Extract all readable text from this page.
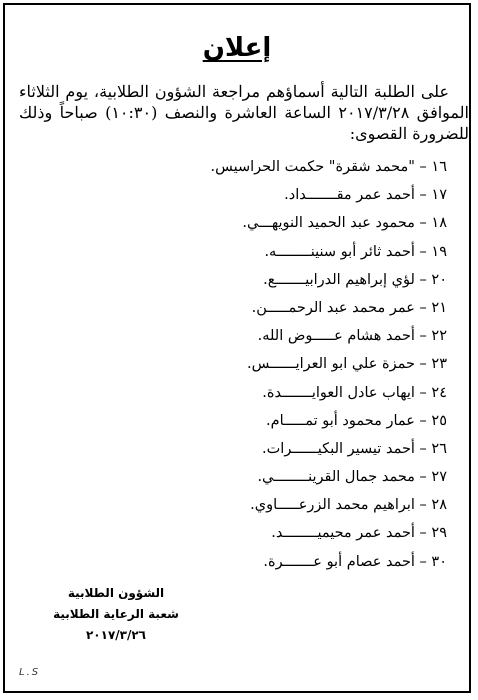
إعلان

على الطلبة التالية أسماؤهم مراجعة الشؤون الطلابية، يوم الثلاثاء الموافق ٢٠١٧/٣/٢٨ الساعة العاشرة والنصف (١٠:٣٠) صباحاً وذلك للضرورة القصوى:

١٦ – "محمد شقرة" حكمت الحراسيس.
١٧ – أحمد عمر مقـــــــداد.
١٨ – محمود عبد الحميد النويهـــي.
١٩ – أحمد ثائر أبو سنينــــــــه.
٢٠ – لؤي إبراهيم الدرابيـــــــع.
٢١ – عمر محمد عبد الرحمـــــن.
٢٢ – أحمد هشام عـــــوض الله.
٢٣ – حمزة علي ابو العرايــــــس.
٢٤ – ايهاب عادل العوايـــــــدة.
٢٥ – عمار محمود أبو تمـــــام.
٢٦ – أحمد تيسير البكيــــــرات.
٢٧ – محمد جمال القرينــــــــي.
٢٨ – ابراهيم محمد الزرعـــــاوي.
٢٩ – أحمد عمر محيميــــــــد.
٣٠ – أحمد عصام أبو عـــــــرة.
الشؤون الطلابية
شعبة الرعاية الطلابية
٢٠١٧/٣/٢٦
L.S
